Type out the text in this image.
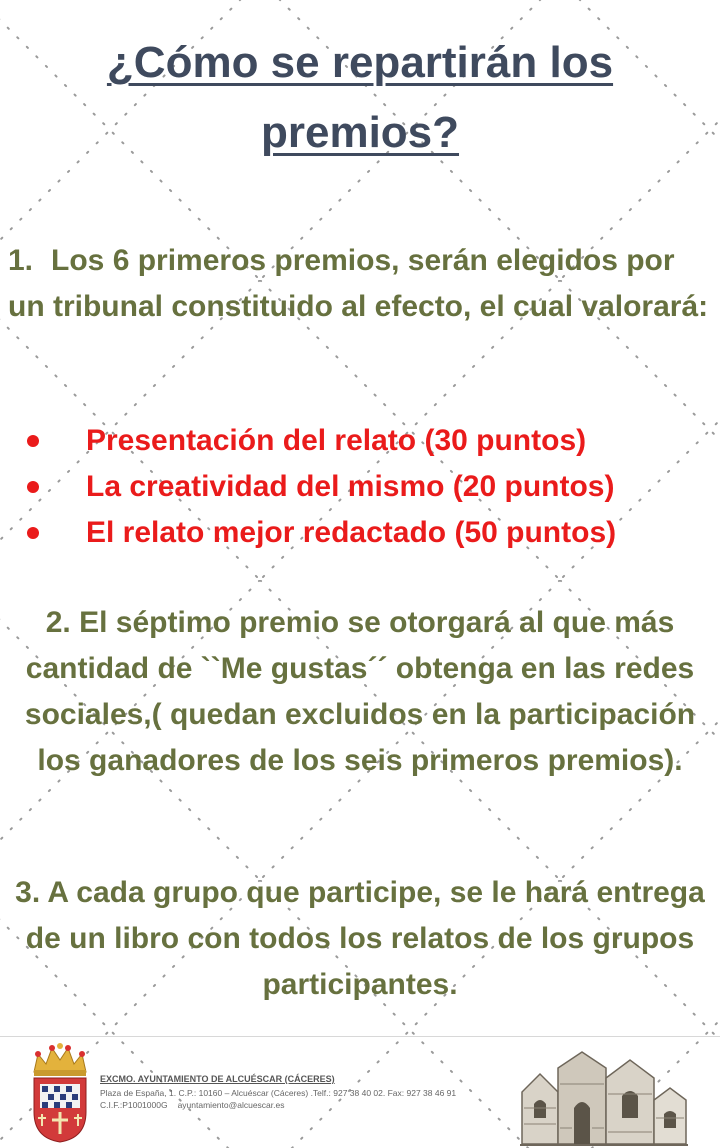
¿Cómo se repartirán los
premios?

1. Los 6 primeros premios, serán elegidos por un tribunal constituido al efecto, el cual valorará:

Presentación del relato (30 puntos)
La creatividad del mismo (20 puntos)
El relato mejor redactado (50 puntos)

2. El séptimo premio se otorgará al que más cantidad de ``Me gustas´´ obtenga en las redes sociales,( quedan excluidos en la participación los ganadores de los seis primeros premios).

3. A cada grupo que participe, se le hará entrega de un libro con todos los relatos de los grupos participantes.

EXCMO. AYUNTAMIENTO DE ALCUÉSCAR (CÁCERES)
Plaza de España, 1. C.P.: 10160 – Alcuéscar (Cáceres) .Telf.: 927 38 40 02. Fax: 927 38 46 91
C.I.F.:P1001000G ayuntamiento@alcuescar.es
